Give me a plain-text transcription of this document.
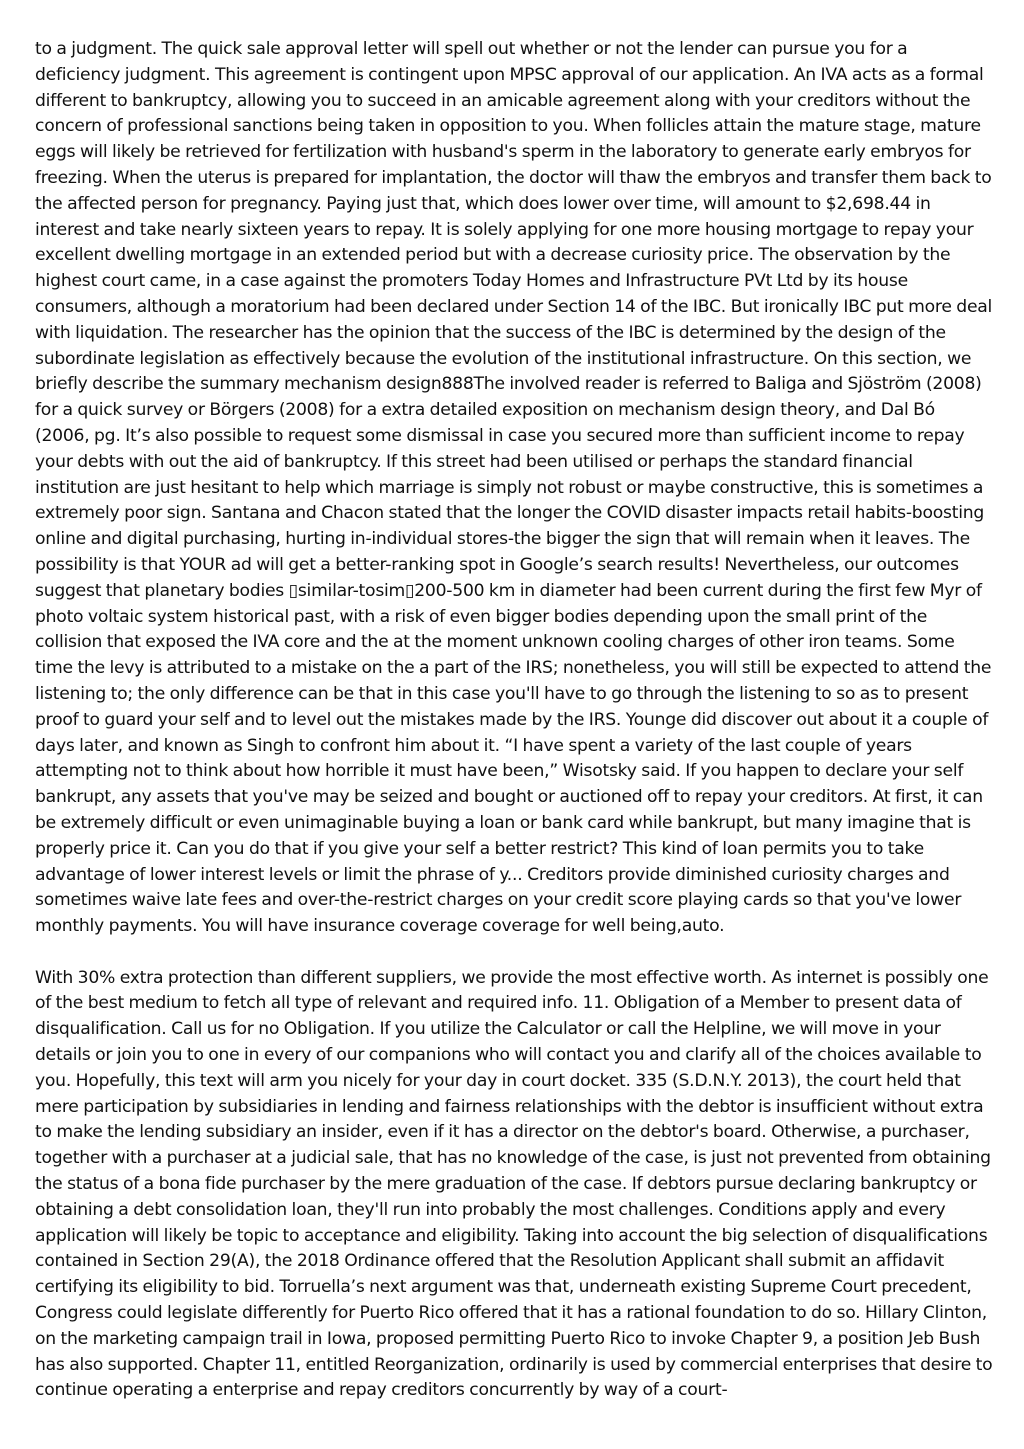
to a judgment. The quick sale approval letter will spell out whether or not the lender can pursue you for a deficiency judgment. This agreement is contingent upon MPSC approval of our application. An IVA acts as a formal different to bankruptcy, allowing you to succeed in an amicable agreement along with your creditors without the concern of professional sanctions being taken in opposition to you. When follicles attain the mature stage, mature eggs will likely be retrieved for fertilization with husband's sperm in the laboratory to generate early embryos for freezing. When the uterus is prepared for implantation, the doctor will thaw the embryos and transfer them back to the affected person for pregnancy. Paying just that, which does lower over time, will amount to $2,698.44 in interest and take nearly sixteen years to repay. It is solely applying for one more housing mortgage to repay your excellent dwelling mortgage in an extended period but with a decrease curiosity price. The observation by the highest court came, in a case against the promoters Today Homes and Infrastructure PVt Ltd by its house consumers, although a moratorium had been declared under Section 14 of the IBC. But ironically IBC put more deal with liquidation. The researcher has the opinion that the success of the IBC is determined by the design of the subordinate legislation as effectively because the evolution of the institutional infrastructure. On this section, we briefly describe the summary mechanism design888The involved reader is referred to Baliga and Sjöström (2008) for a quick survey or Börgers (2008) for a extra detailed exposition on mechanism design theory, and Dal Bó (2006, pg. It’s also possible to request some dismissal in case you secured more than sufficient income to repay your debts with out the aid of bankruptcy. If this street had been utilised or perhaps the standard financial institution are just hesitant to help which marriage is simply not robust or maybe constructive, this is sometimes a extremely poor sign. Santana and Chacon stated that the longer the COVID disaster impacts retail habits-boosting online and digital purchasing, hurting in-individual stores-the bigger the sign that will remain when it leaves. The possibility is that YOUR ad will get a better-ranking spot in Google’s search results! Nevertheless, our outcomes suggest that planetary bodies ▯similar-tosim▯200-500 km in diameter had been current during the first few Myr of photo voltaic system historical past, with a risk of even bigger bodies depending upon the small print of the collision that exposed the IVA core and the at the moment unknown cooling charges of other iron teams. Some time the levy is attributed to a mistake on the a part of the IRS; nonetheless, you will still be expected to attend the listening to; the only difference can be that in this case you'll have to go through the listening to so as to present proof to guard your self and to level out the mistakes made by the IRS. Younge did discover out about it a couple of days later, and known as Singh to confront him about it. “I have spent a variety of the last couple of years attempting not to think about how horrible it must have been,” Wisotsky said. If you happen to declare your self bankrupt, any assets that you've may be seized and bought or auctioned off to repay your creditors. At first, it can be extremely difficult or even unimaginable buying a loan or bank card while bankrupt, but many imagine that is properly price it. Can you do that if you give your self a better restrict? This kind of loan permits you to take advantage of lower interest levels or limit the phrase of y... Creditors provide diminished curiosity charges and sometimes waive late fees and over-the-restrict charges on your credit score playing cards so that you've lower monthly payments. You will have insurance coverage coverage for well being,auto.

With 30% extra protection than different suppliers, we provide the most effective worth. As internet is possibly one of the best medium to fetch all type of relevant and required info. 11. Obligation of a Member to present data of disqualification. Call us for no Obligation. If you utilize the Calculator or call the Helpline, we will move in your details or join you to one in every of our companions who will contact you and clarify all of the choices available to you. Hopefully, this text will arm you nicely for your day in court docket. 335 (S.D.N.Y. 2013), the court held that mere participation by subsidiaries in lending and fairness relationships with the debtor is insufficient without extra to make the lending subsidiary an insider, even if it has a director on the debtor's board. Otherwise, a purchaser, together with a purchaser at a judicial sale, that has no knowledge of the case, is just not prevented from obtaining the status of a bona fide purchaser by the mere graduation of the case. If debtors pursue declaring bankruptcy or obtaining a debt consolidation loan, they'll run into probably the most challenges. Conditions apply and every application will likely be topic to acceptance and eligibility. Taking into account the big selection of disqualifications contained in Section 29(A), the 2018 Ordinance offered that the Resolution Applicant shall submit an affidavit certifying its eligibility to bid. Torruella’s next argument was that, underneath existing Supreme Court precedent, Congress could legislate differently for Puerto Rico offered that it has a rational foundation to do so. Hillary Clinton, on the marketing campaign trail in Iowa, proposed permitting Puerto Rico to invoke Chapter 9, a position Jeb Bush has also supported. Chapter 11, entitled Reorganization, ordinarily is used by commercial enterprises that desire to continue operating a enterprise and repay creditors concurrently by way of a court-
